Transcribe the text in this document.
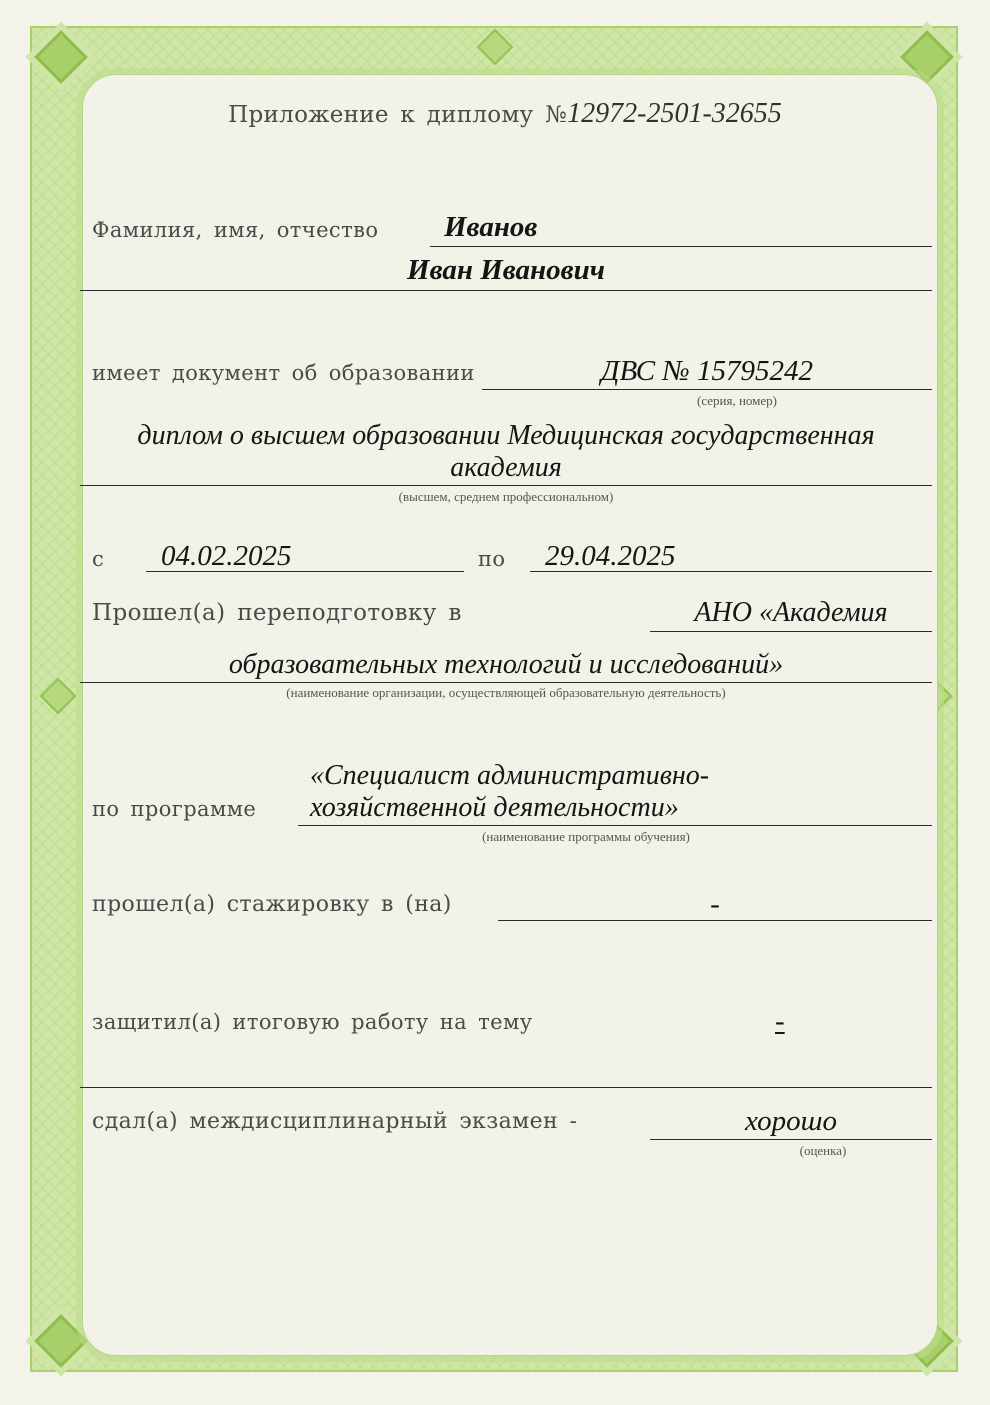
Приложение к диплому №12972-2501-32655
Фамилия, имя, отчество Иванов
Иван Иванович
имеет документ об образовании	ДВС № 15795242
(серия, номер)
диплом о высшем образовании Медицинская государственная
академия
(высшем, среднем профессиональном)
с 04.02.2025	по 29.04.2025
Прошел(а) переподготовку в	АНО «Академия
образовательных технологий и исследований»
(наименование организации, осуществляющей образовательную деятельность)
по программе
«Специалист административно-
хозяйственной деятельности»
(наименование программы обучения)
прошел(а) стажировку в (на)	-
защитил(а) итоговую работу на тему	-
сдал(а) междисциплинарный экзамен -	хорошо
(оценка)
